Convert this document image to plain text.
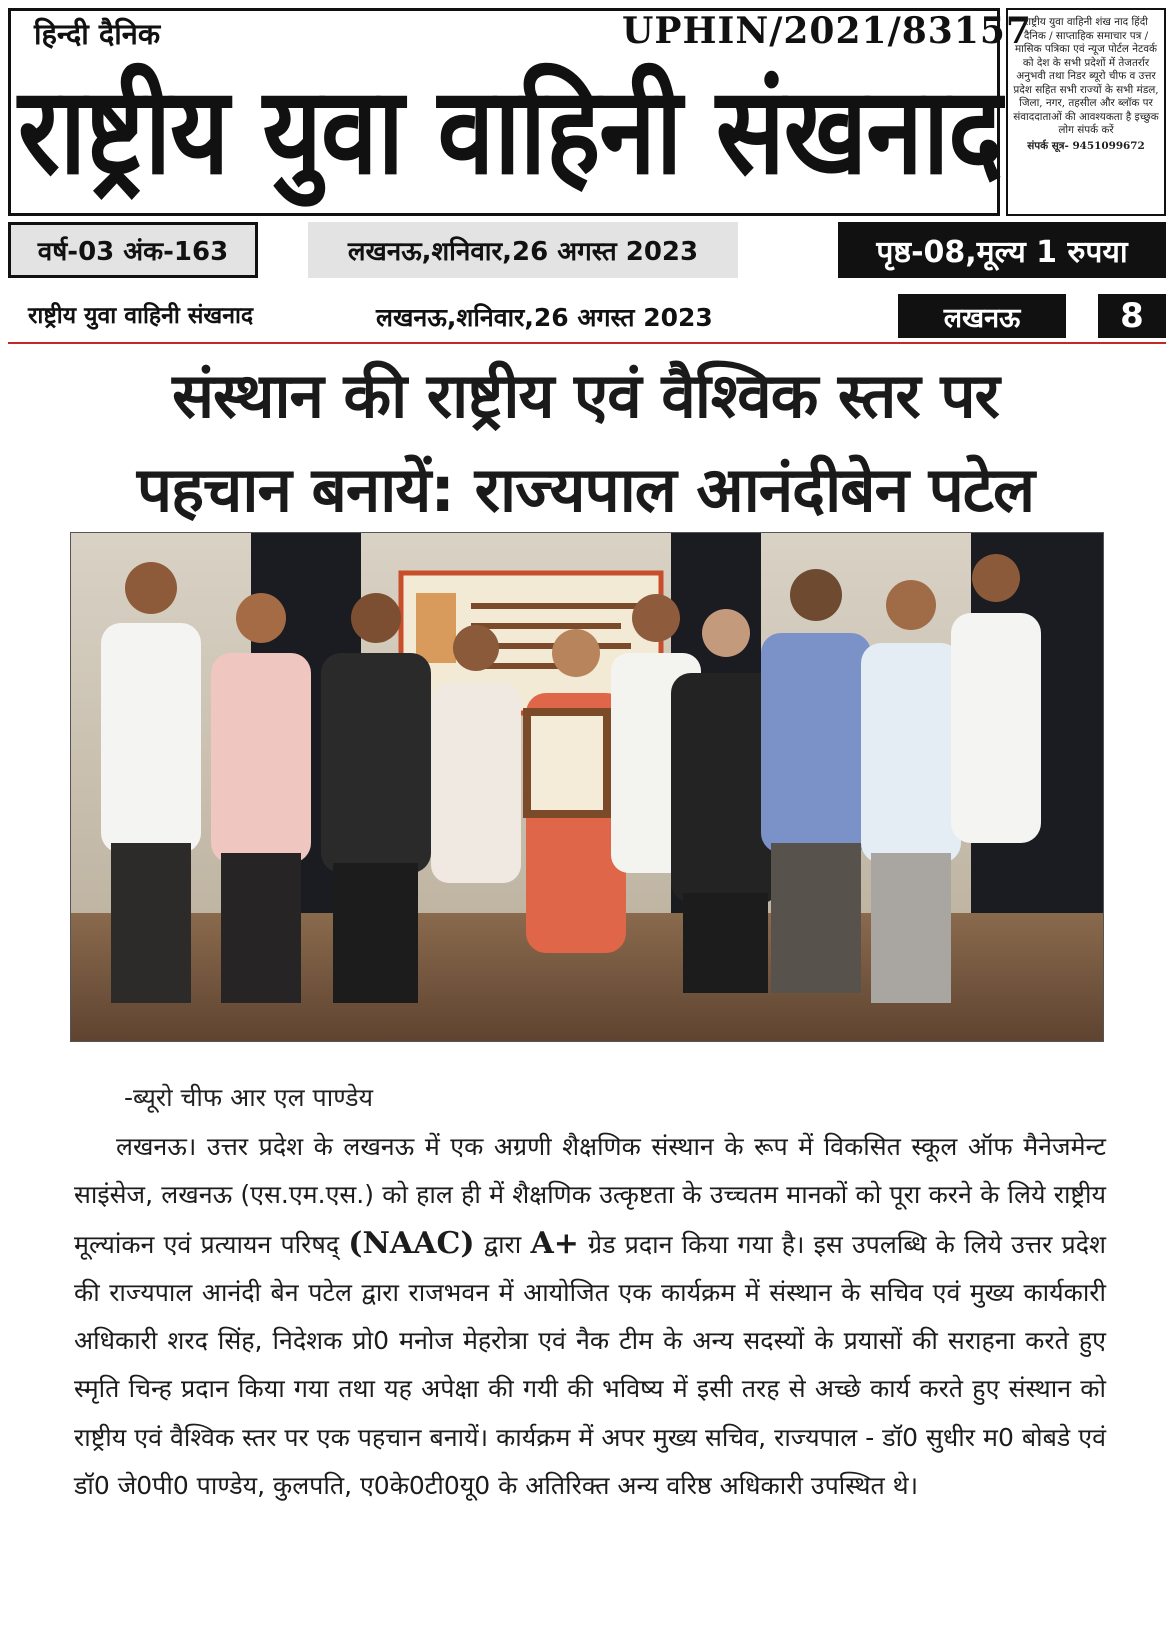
हिन्दी दैनिक	UPHIN/2021/83157
राष्ट्रीय युवा वाहिनी संखनाद
राष्ट्रीय युवा वाहिनी शंख नाद हिंदी दैनिक / साप्ताहिक समाचार पत्र / मासिक पत्रिका एवं न्यूज पोर्टल नेटवर्क को देश के सभी प्रदेशों में तेजतर्रार अनुभवी तथा निडर ब्यूरो चीफ व उत्तर प्रदेश सहित सभी राज्यों के सभी मंडल, जिला, नगर, तहसील और ब्लॉक पर संवाददाताओं की आवश्यकता है इच्छुक लोग संपर्क करें
संपर्क सूत्र- 9451099672
वर्ष-03 अंक-163	लखनऊ,शनिवार,26 अगस्त 2023	पृष्ठ-08,मूल्य 1 रुपया
राष्ट्रीय युवा वाहिनी संखनाद	लखनऊ,शनिवार,26 अगस्त 2023	लखनऊ	8
संस्थान की राष्ट्रीय एवं वैश्विक स्तर पर
पहचान बनायें: राज्यपाल आनंदीबेन पटेल
-ब्यूरो चीफ आर एल पाण्डेय
लखनऊ। उत्तर प्रदेश के लखनऊ में एक अग्रणी शैक्षणिक संस्थान के रूप में विकसित स्कूल ऑफ मैनेजमेन्ट साइंसेज, लखनऊ (एस.एम.एस.) को हाल ही में शैक्षणिक उत्कृष्टता के उच्चतम मानकों को पूरा करने के लिये राष्ट्रीय मूल्यांकन एवं प्रत्यायन परिषद् (NAAC) द्वारा A+ ग्रेड प्रदान किया गया है। इस उपलब्धि के लिये उत्तर प्रदेश की राज्यपाल आनंदी बेन पटेल द्वारा राजभवन में आयोजित एक कार्यक्रम में संस्थान के सचिव एवं मुख्य कार्यकारी अधिकारी शरद सिंह, निदेशक प्रो0 मनोज मेहरोत्रा एवं नैक टीम के अन्य सदस्यों के प्रयासों की सराहना करते हुए स्मृति चिन्ह प्रदान किया गया तथा यह अपेक्षा की गयी की भविष्य में इसी तरह से अच्छे कार्य करते हुए संस्थान को राष्ट्रीय एवं वैश्विक स्तर पर एक पहचान बनायें। कार्यक्रम में अपर मुख्य सचिव, राज्यपाल - डॉ0 सुधीर म0 बोबडे एवं डॉ0 जे0पी0 पाण्डेय, कुलपति, ए0के0टी0यू0 के अतिरिक्त अन्य वरिष्ठ अधिकारी उपस्थित थे।
